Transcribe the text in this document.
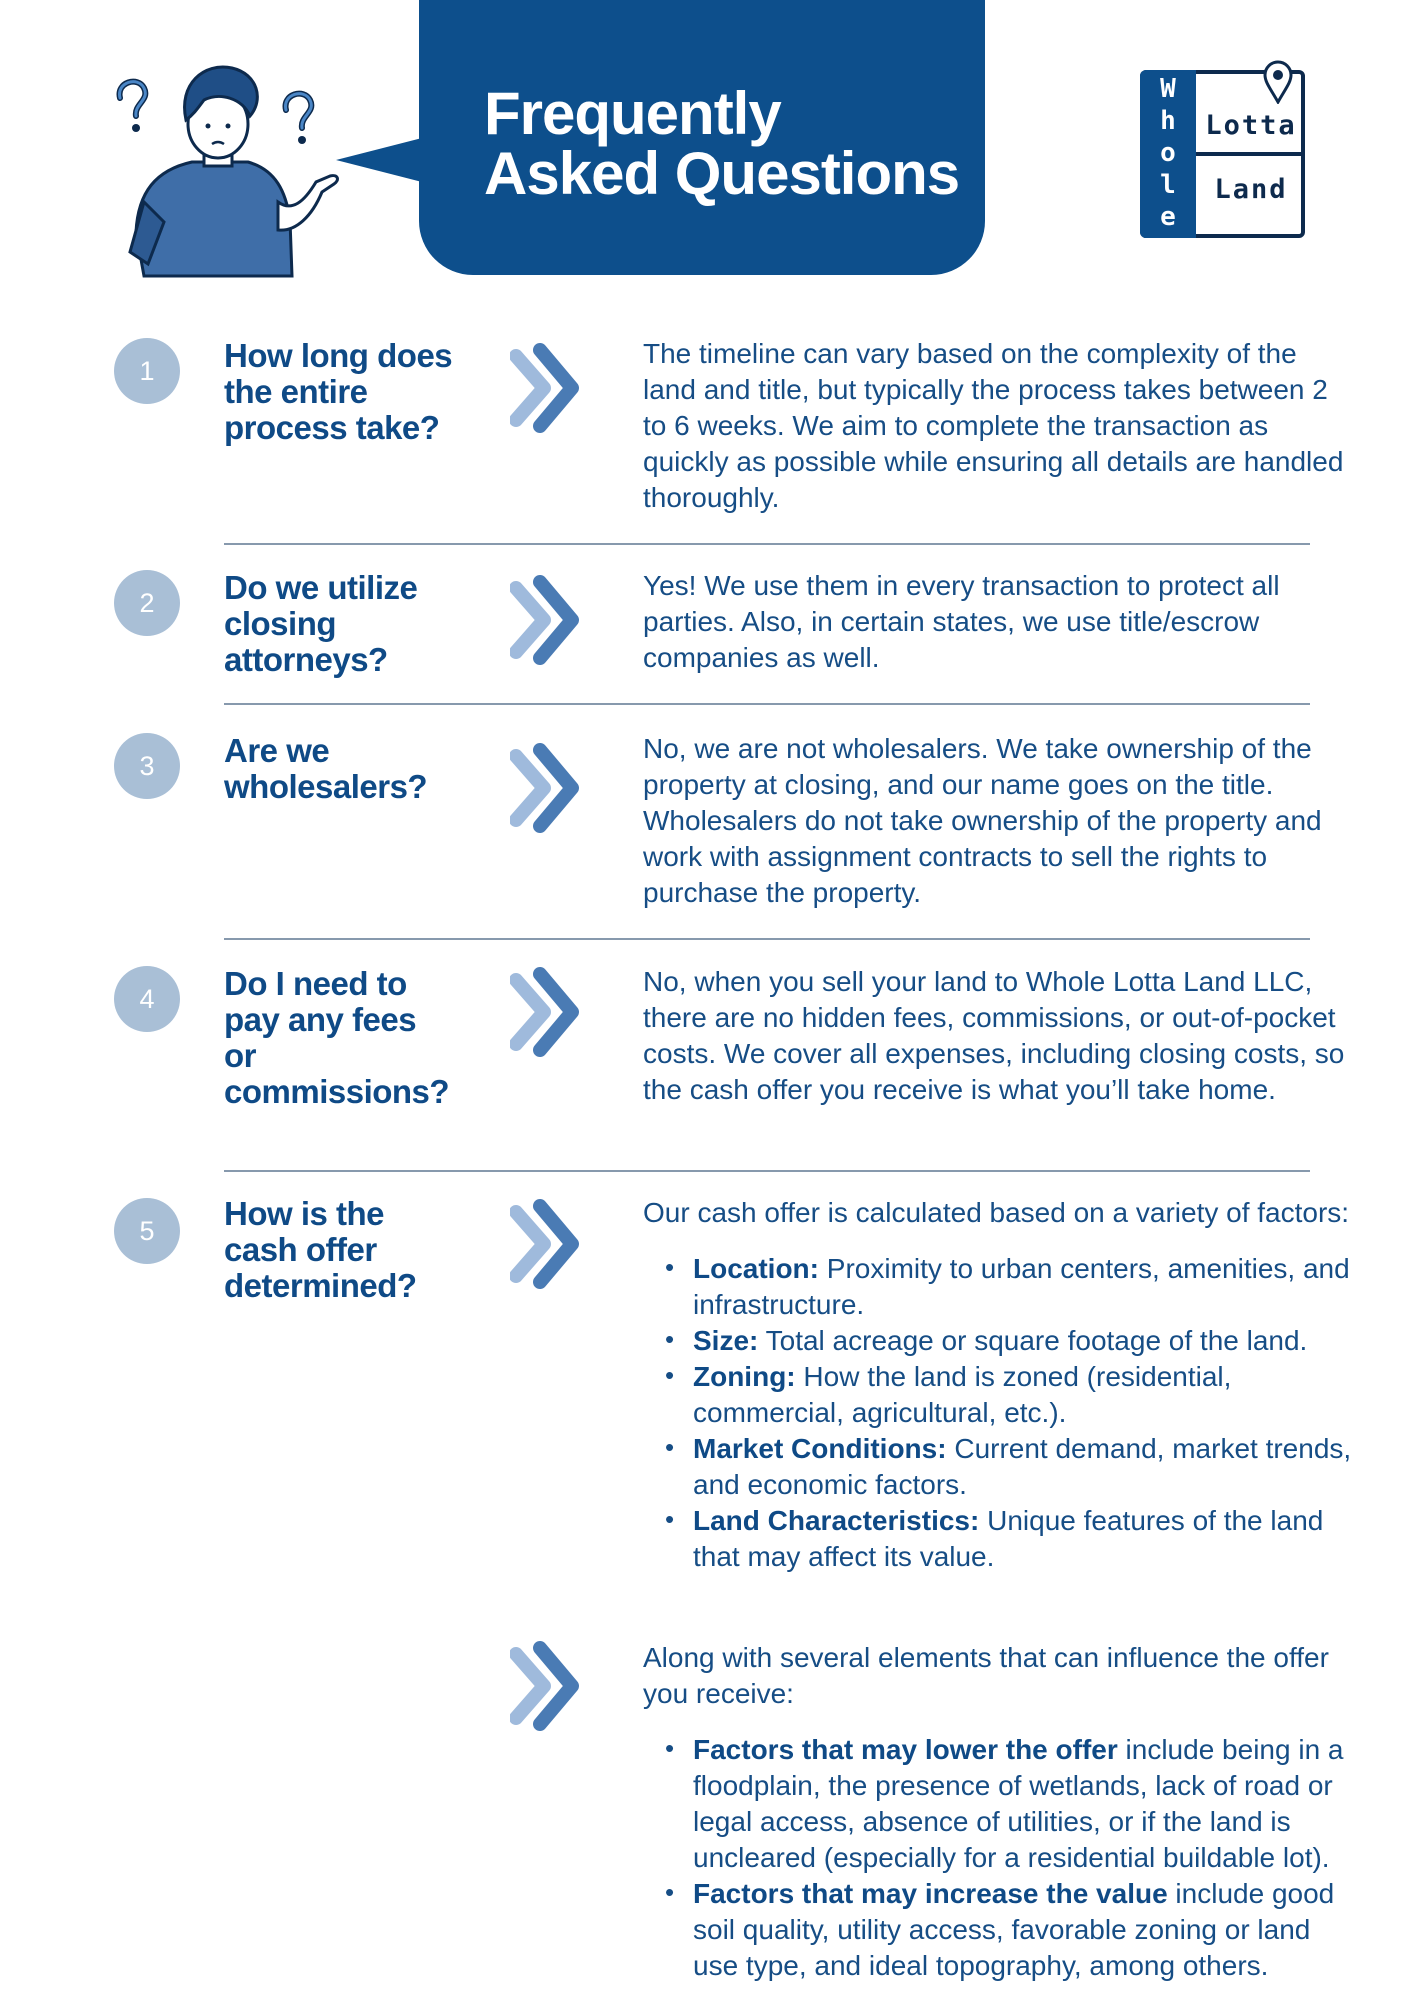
Frequently
Asked Questions
W
h
o
l
e
Lotta
Land
1	How long does the entire process take?
The timeline can vary based on the complexity of the land and title, but typically the process takes between 2 to 6 weeks. We aim to complete the transaction as quickly as possible while ensuring all details are handled thoroughly.
2	Do we utilize closing attorneys?
Yes! We use them in every transaction to protect all parties. Also, in certain states, we use title/escrow companies as well.
3	Are we wholesalers?
No, we are not wholesalers. We take ownership of the property at closing, and our name goes on the title. Wholesalers do not take ownership of the property and work with assignment contracts to sell the rights to purchase the property.
4	Do I need to pay any fees or commissions?
No, when you sell your land to Whole Lotta Land LLC, there are no hidden fees, commissions, or out-of-pocket costs. We cover all expenses, including closing costs, so the cash offer you receive is what you’ll take home.
5	How is the cash offer determined?

Our cash offer is calculated based on a variety of factors:

• Location: Proximity to urban centers, amenities, and infrastructure.
• Size: Total acreage or square footage of the land.
• Zoning: How the land is zoned (residential, commercial, agricultural, etc.).
• Market Conditions: Current demand, market trends, and economic factors.
• Land Characteristics: Unique features of the land that may affect its value.

Along with several elements that can influence the offer you receive:

• Factors that may lower the offer include being in a floodplain, the presence of wetlands, lack of road or legal access, absence of utilities, or if the land is uncleared (especially for a residential buildable lot).
• Factors that may increase the value include good soil quality, utility access, favorable zoning or land use type, and ideal topography, among others.
